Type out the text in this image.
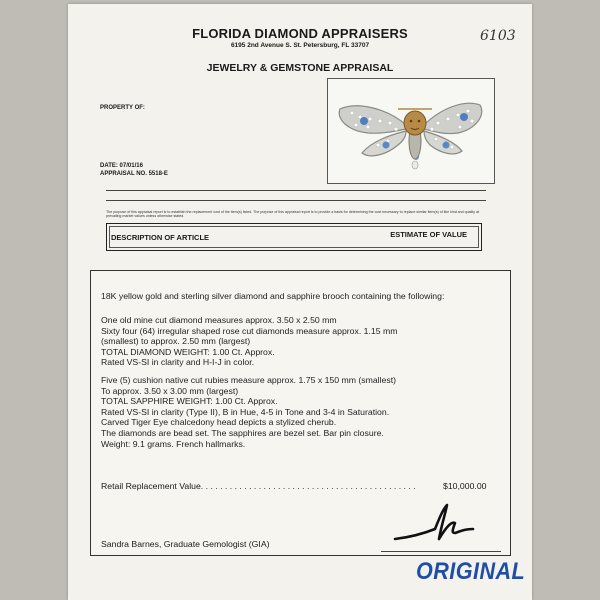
FLORIDA DIAMOND APPRAISERS
6195 2nd Avenue S. St. Petersburg, FL 33707
JEWELRY & GEMSTONE APPRAISAL
6103
PROPERTY OF:
DATE: 07/01/16
APPRAISAL NO. 5518-E
The purpose of this appraisal report is to establish the replacement cost of the item(s) listed. The purpose of this appraisal report is to provide a basis for determining the cost necessary to replace similar item(s) of like kind and quality at prevailing market values unless otherwise stated.
DESCRIPTION OF ARTICLE	ESTIMATE OF VALUE
18K yellow gold and sterling silver diamond and sapphire brooch containing the following:
One old mine cut diamond measures approx. 3.50 x 2.50 mm
Sixty four (64) irregular shaped rose cut diamonds measure approx. 1.15 mm
(smallest) to approx. 2.50 mm (largest)
TOTAL DIAMOND WEIGHT: 1.00 Ct. Approx.
Rated VS-SI in clarity and H-I-J in color.
Five (5) cushion native cut rubies measure approx. 1.75 x 150 mm (smallest)
To approx. 3.50 x 3.00 mm (largest)
TOTAL SAPPHIRE WEIGHT: 1.00 Ct. Approx.
Rated VS-SI in clarity (Type II), B in Hue, 4-5 in Tone and 3-4 in Saturation.
Carved Tiger Eye chalcedony head depicts a stylized cherub.
The diamonds are bead set. The sapphires are bezel set. Bar pin closure.
Weight: 9.1 grams. French hallmarks.
Retail Replacement Value. . . . . . . . . . . . . . . . . . . . . . . . . . . . . . . . . . . . . . . . . . . . .	$10,000.00
Sandra Barnes, Graduate Gemologist (GIA)
ORIGINAL
